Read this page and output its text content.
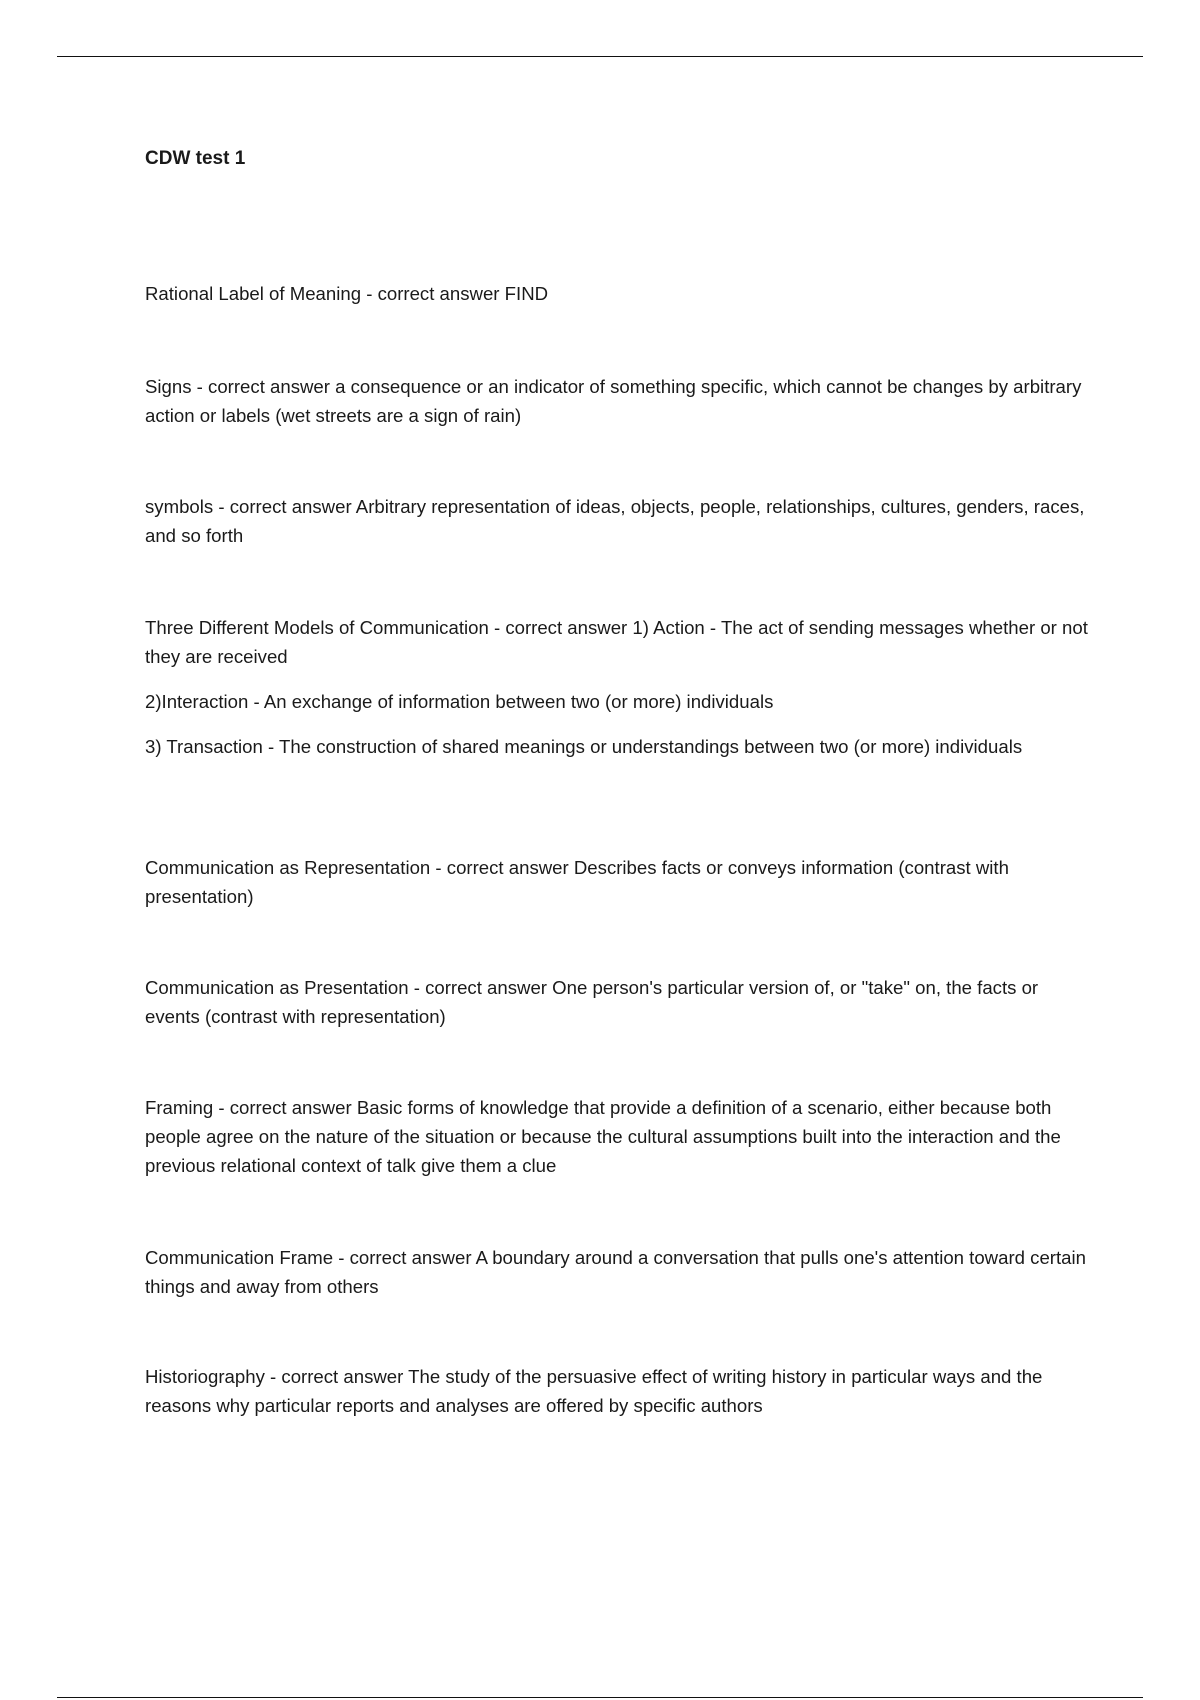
CDW test 1

Rational Label of Meaning - correct answer FIND

Signs - correct answer a consequence or an indicator of something specific, which cannot be changes by arbitrary action or labels (wet streets are a sign of rain)

symbols - correct answer Arbitrary representation of ideas, objects, people, relationships, cultures, genders, races, and so forth

Three Different Models of Communication - correct answer 1) Action - The act of sending messages whether or not they are received

2)Interaction - An exchange of information between two (or more) individuals

3) Transaction - The construction of shared meanings or understandings between two (or more) individuals

Communication as Representation - correct answer Describes facts or conveys information (contrast with presentation)

Communication as Presentation - correct answer One person's particular version of, or "take" on, the facts or events (contrast with representation)

Framing - correct answer Basic forms of knowledge that provide a definition of a scenario, either because both people agree on the nature of the situation or because the cultural assumptions built into the interaction and the previous relational context of talk give them a clue

Communication Frame - correct answer A boundary around a conversation that pulls one's attention toward certain things and away from others

Historiography - correct answer The study of the persuasive effect of writing history in particular ways and the reasons why particular reports and analyses are offered by specific authors
